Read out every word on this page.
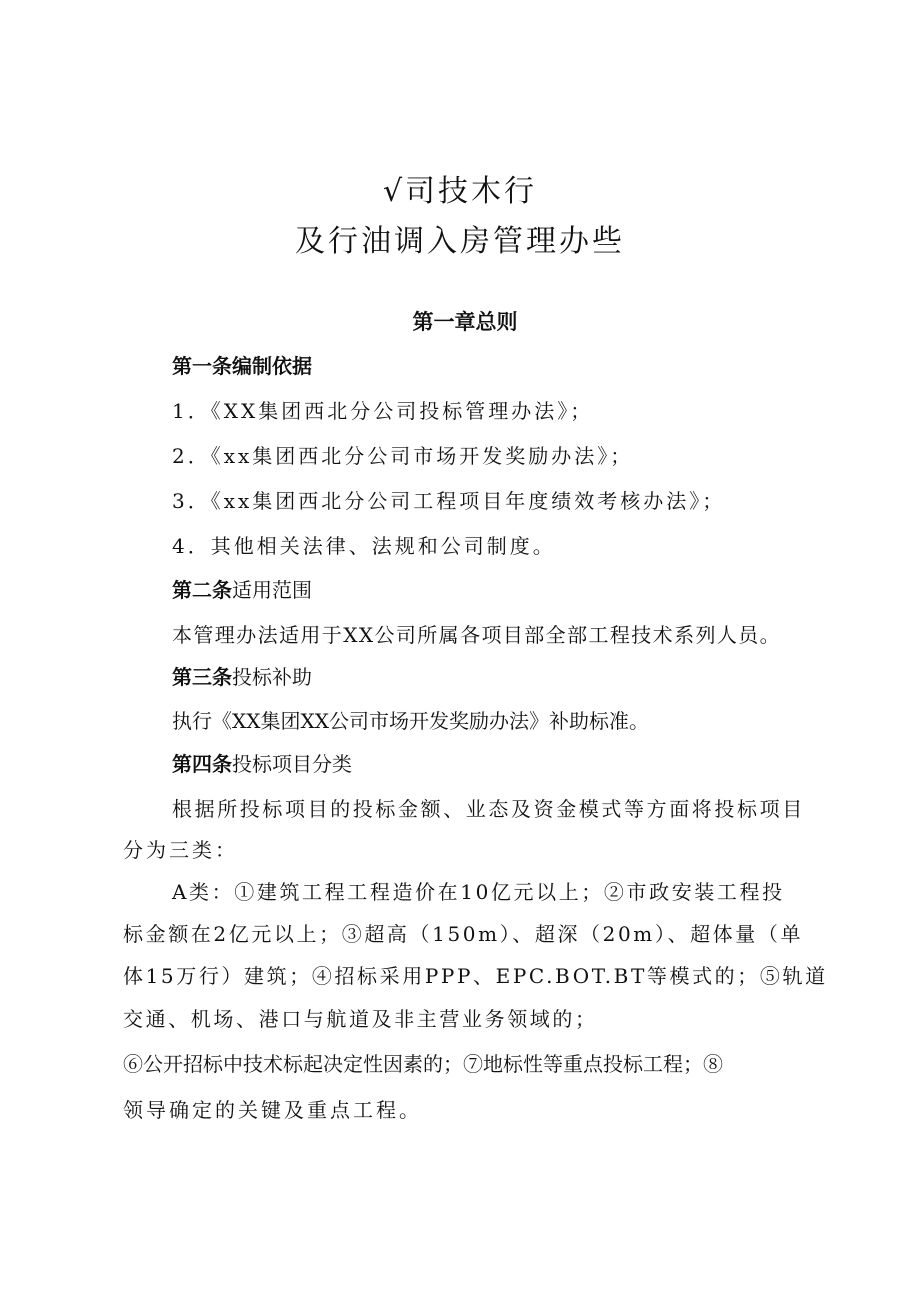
√司技木行
及行油调入房管理办些
第一章总则
第一条编制依据
1．《XX集团西北分公司投标管理办法》；
2．《xx集团西北分公司市场开发奖励办法》；
3．《xx集团西北分公司工程项目年度绩效考核办法》；
4．其他相关法律、法规和公司制度。
第二条适用范围
本管理办法适用于XX公司所属各项目部全部工程技术系列人员。
第三条投标补助
执行《XX集团XX公司市场开发奖励办法》补助标准。
第四条投标项目分类
根据所投标项目的投标金额、业态及资金模式等方面将投标项目
分为三类：
A类：①建筑工程工程造价在10亿元以上；②市政安装工程投
标金额在2亿元以上；③超高（150m）、超深（20m）、超体量（单
体15万行）建筑；④招标采用PPP、EPC.BOT.BT等模式的；⑤轨道
交通、机场、港口与航道及非主营业务领域的；
⑥公开招标中技术标起决定性因素的；⑦地标性等重点投标工程；⑧
领导确定的关键及重点工程。
